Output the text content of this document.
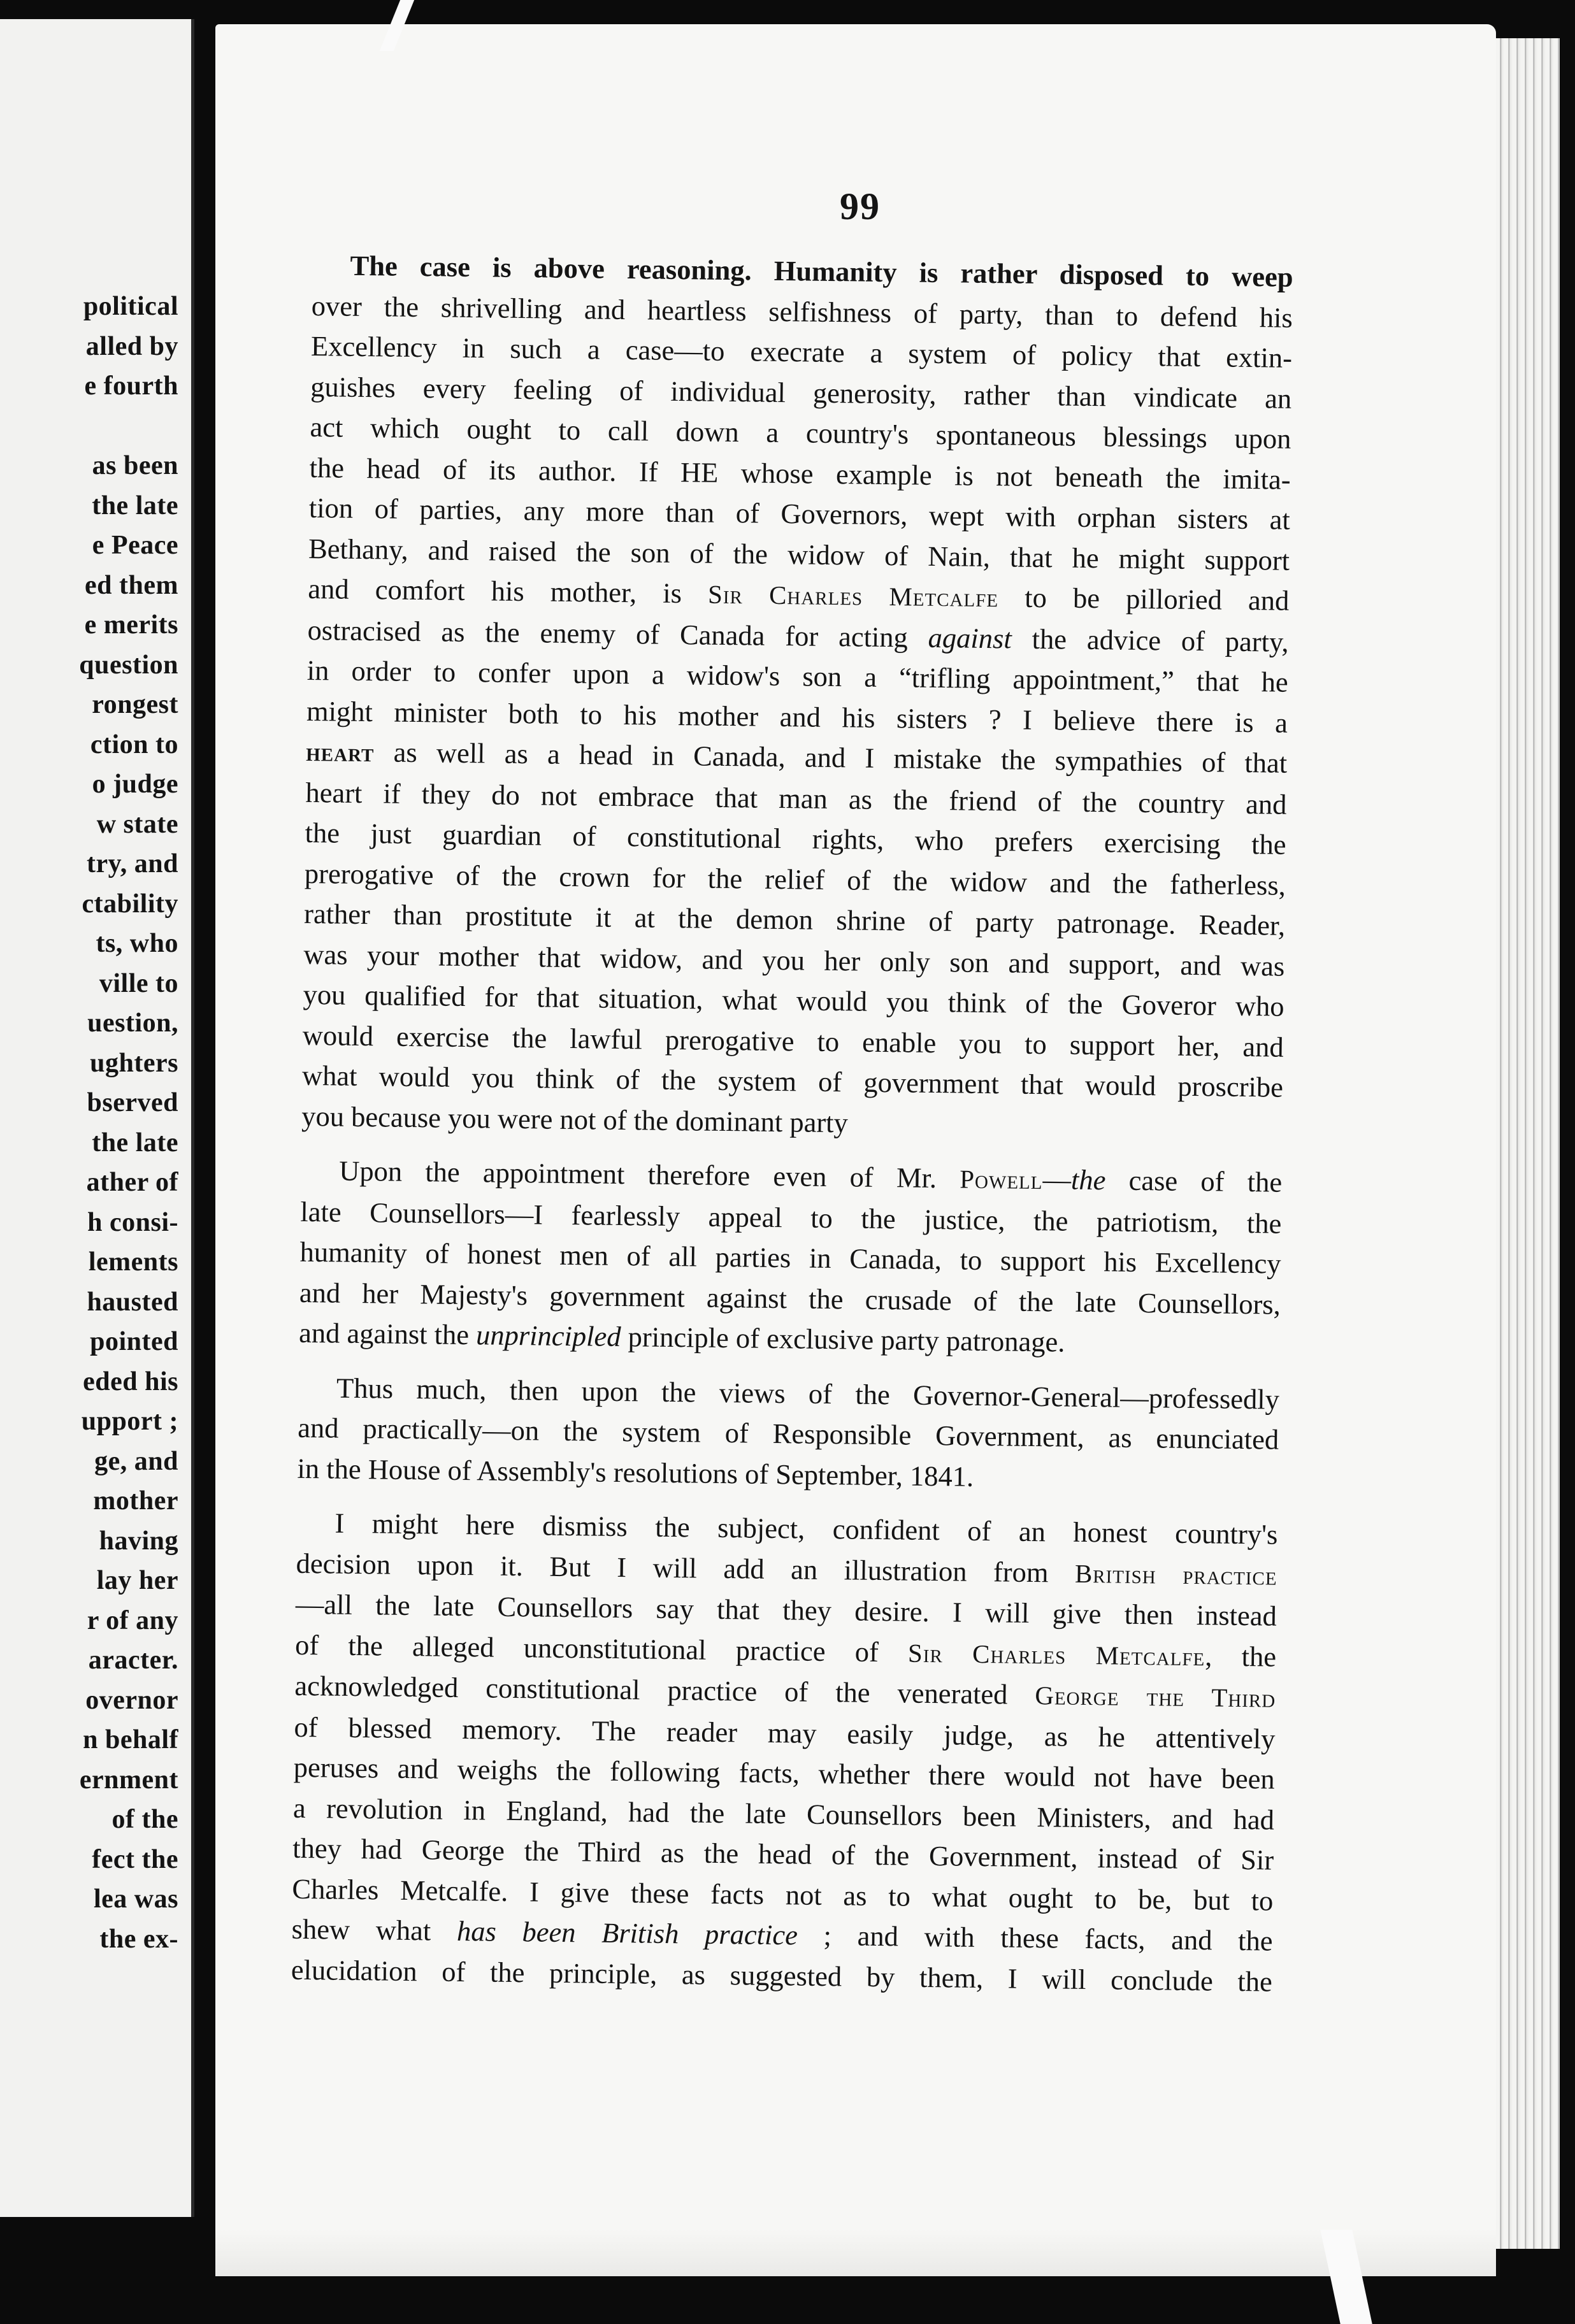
political
alled by
e fourth
as been
the late
e Peace
ed them
e merits
question
rongest
ction to
o judge
w state
try, and
ctability
ts, who
ville to
uestion,
ughters
bserved
the late
ather of
h consi-
lements
hausted
pointed
eded his
upport ;
ge, and
mother
having
lay her
r of any
aracter.
overnor
n behalf
ernment
of the
fect the
lea was
the ex-
99
The case is above reasoning. Humanity is rather disposed to weep
over the shrivelling and heartless selfishness of party, than to defend his
Excellency in such a case—to execrate a system of policy that extin-
guishes every feeling of individual generosity, rather than vindicate an
act which ought to call down a country's spontaneous blessings upon
the head of its author. If HE whose example is not beneath the imita-
tion of parties, any more than of Governors, wept with orphan sisters at
Bethany, and raised the son of the widow of Nain, that he might support
and comfort his mother, is Sir Charles Metcalfe to be pilloried and
ostracised as the enemy of Canada for acting against the advice of party,
in order to confer upon a widow's son a “trifling appointment,” that he
might minister both to his mother and his sisters ? I believe there is a
heart as well as a head in Canada, and I mistake the sympathies of that
heart if they do not embrace that man as the friend of the country and
the just guardian of constitutional rights, who prefers exercising the
prerogative of the crown for the relief of the widow and the fatherless,
rather than prostitute it at the demon shrine of party patronage. Reader,
was your mother that widow, and you her only son and support, and was
you qualified for that situation, what would you think of the Goveror who
would exercise the lawful prerogative to enable you to support her, and
what would you think of the system of government that would proscribe
you because you were not of the dominant party
Upon the appointment therefore even of Mr. Powell—the case of the
late Counsellors—I fearlessly appeal to the justice, the patriotism, the
humanity of honest men of all parties in Canada, to support his Excellency
and her Majesty's government against the crusade of the late Counsellors,
and against the unprincipled principle of exclusive party patronage.
Thus much, then upon the views of the Governor-General—professedly
and practically—on the system of Responsible Government, as enunciated
in the House of Assembly's resolutions of September, 1841.
I might here dismiss the subject, confident of an honest country's
decision upon it. But I will add an illustration from British practice
—all the late Counsellors say that they desire. I will give then instead
of the alleged unconstitutional practice of Sir Charles Metcalfe, the
acknowledged constitutional practice of the venerated George the Third
of blessed memory. The reader may easily judge, as he attentively
peruses and weighs the following facts, whether there would not have been
a revolution in England, had the late Counsellors been Ministers, and had
they had George the Third as the head of the Government, instead of Sir
Charles Metcalfe. I give these facts not as to what ought to be, but to
shew what has been British practice ; and with these facts, and the
elucidation of the principle, as suggested by them, I will conclude the
